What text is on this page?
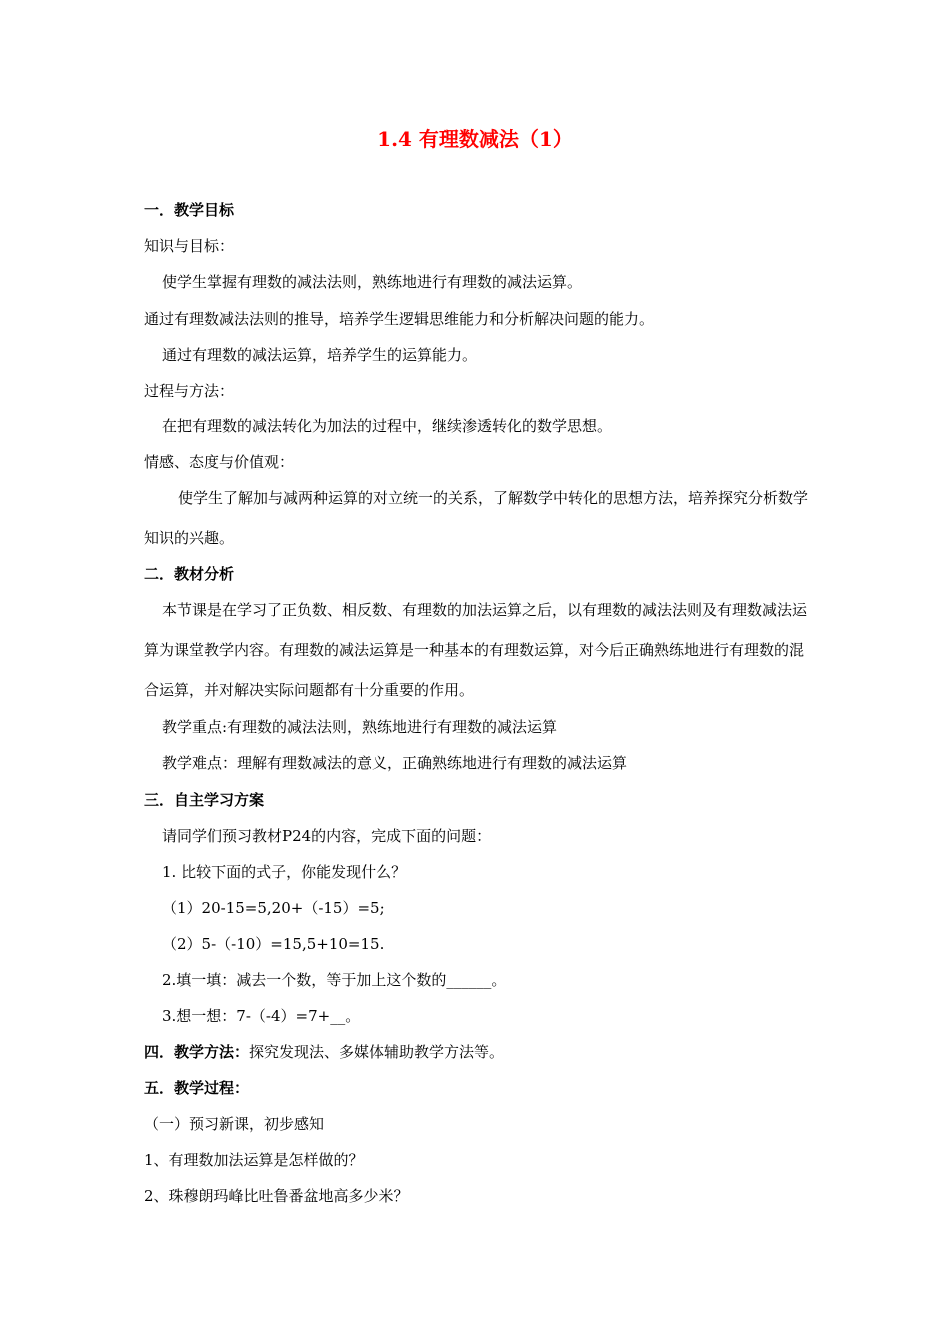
1.4 有理数减法（1）
一．教学目标
知识与目标：
使学生掌握有理数的减法法则，熟练地进行有理数的减法运算。
通过有理数减法法则的推导，培养学生逻辑思维能力和分析解决问题的能力。
通过有理数的减法运算，培养学生的运算能力。
过程与方法：
在把有理数的减法转化为加法的过程中，继续渗透转化的数学思想。
情感、态度与价值观：
使学生了解加与减两种运算的对立统一的关系，了解数学中转化的思想方法，培养探究分析数学知识的兴趣。
二．教材分析
本节课是在学习了正负数、相反数、有理数的加法运算之后，以有理数的减法法则及有理数减法运算为课堂教学内容。有理数的减法运算是一种基本的有理数运算，对今后正确熟练地进行有理数的混合运算，并对解决实际问题都有十分重要的作用。
教学重点:有理数的减法法则，熟练地进行有理数的减法运算
教学难点：理解有理数减法的意义，正确熟练地进行有理数的减法运算
三．自主学习方案
请同学们预习教材P24的内容，完成下面的问题：
1. 比较下面的式子，你能发现什么？
（1）20-15=5,20+（-15）=5;
（2）5-（-10）=15,5+10=15.
2.填一填：减去一个数，等于加上这个数的______。
3.想一想：7-（-4）=7+__。
四．教学方法：探究发现法、多媒体辅助教学方法等。
五．教学过程：
（一）预习新课，初步感知
1、有理数加法运算是怎样做的？
2、珠穆朗玛峰比吐鲁番盆地高多少米？
